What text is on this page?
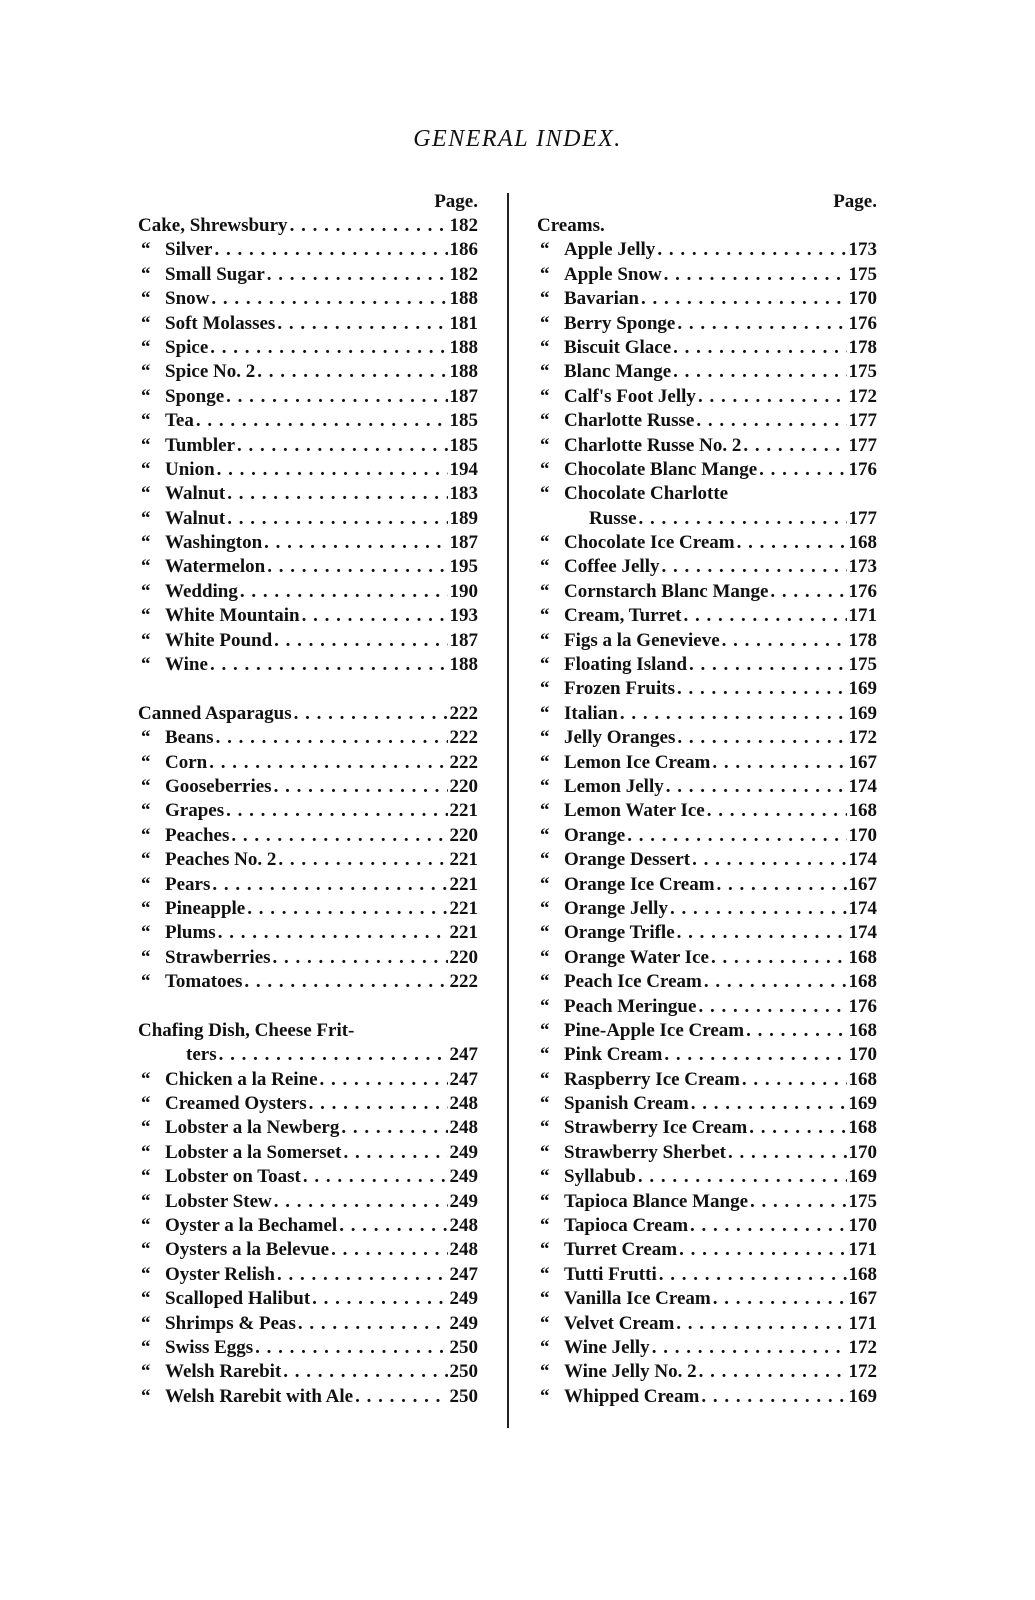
GENERAL INDEX.
Page.
Cake, Shrewsbury . . .	182
“ Silver . . .	186
“ Small Sugar . . .	182
“ Snow . . .	188
“ Soft Molasses . . .	181
“ Spice . . .	188
“ Spice No. 2 . . .	188
“ Sponge . . .	187
“ Tea . . .	185
“ Tumbler . . .	185
“ Union . . .	194
“ Walnut . . .	183
“ Walnut . . .	189
“ Washington . . .	187
“ Watermelon . . .	195
“ Wedding . . .	190
“ White Mountain . . .	193
“ White Pound . . .	187
“ Wine . . .	188
Canned Asparagus . . .	222
“ Beans . . .	222
“ Corn . . .	222
“ Gooseberries . . .	220
“ Grapes . . .	221
“ Peaches . . .	220
“ Peaches No. 2 . . .	221
“ Pears . . .	221
“ Pineapple . . .	221
“ Plums . . .	221
“ Strawberries . . .	220
“ Tomatoes . . .	222
Chafing Dish, Cheese Frit-
ters . . .	247
“ Chicken a la Reine . . .	247
“ Creamed Oysters . . .	248
“ Lobster a la Newberg . . .	248
“ Lobster a la Somerset . . .	249
“ Lobster on Toast . . .	249
“ Lobster Stew . . .	249
“ Oyster a la Bechamel . . .	248
“ Oysters a la Belevue . . .	248
“ Oyster Relish . . .	247
“ Scalloped Halibut . . .	249
“ Shrimps & Peas . . .	249
“ Swiss Eggs . . .	250
“ Welsh Rarebit . . .	250
“ Welsh Rarebit with Ale . . .	250
Page.
Creams.
“ Apple Jelly . . .	173
“ Apple Snow . . .	175
“ Bavarian . . .	170
“ Berry Sponge . . .	176
“ Biscuit Glace . . .	178
“ Blanc Mange . . .	175
“ Calf's Foot Jelly . . .	172
“ Charlotte Russe . . .	177
“ Charlotte Russe No. 2 . . .	177
“ Chocolate Blanc Mange . . .	176
“ Chocolate Charlotte
Russe . . .	177
“ Chocolate Ice Cream . . .	168
“ Coffee Jelly . . .	173
“ Cornstarch Blanc Mange . . .	176
“ Cream, Turret . . .	171
“ Figs a la Genevieve . . .	178
“ Floating Island . . .	175
“ Frozen Fruits . . .	169
“ Italian . . .	169
“ Jelly Oranges . . .	172
“ Lemon Ice Cream . . .	167
“ Lemon Jelly . . .	174
“ Lemon Water Ice . . .	168
“ Orange . . .	170
“ Orange Dessert . . .	174
“ Orange Ice Cream . . .	167
“ Orange Jelly . . .	174
“ Orange Trifle . . .	174
“ Orange Water Ice . . .	168
“ Peach Ice Cream . . .	168
“ Peach Meringue . . .	176
“ Pine-Apple Ice Cream . . .	168
“ Pink Cream . . .	170
“ Raspberry Ice Cream . . .	168
“ Spanish Cream . . .	169
“ Strawberry Ice Cream . . .	168
“ Strawberry Sherbet . . .	170
“ Syllabub . . .	169
“ Tapioca Blance Mange . . .	175
“ Tapioca Cream . . .	170
“ Turret Cream . . .	171
“ Tutti Frutti . . .	168
“ Vanilla Ice Cream . . .	167
“ Velvet Cream . . .	171
“ Wine Jelly . . .	172
“ Wine Jelly No. 2 . . .	172
“ Whipped Cream . . .	169
